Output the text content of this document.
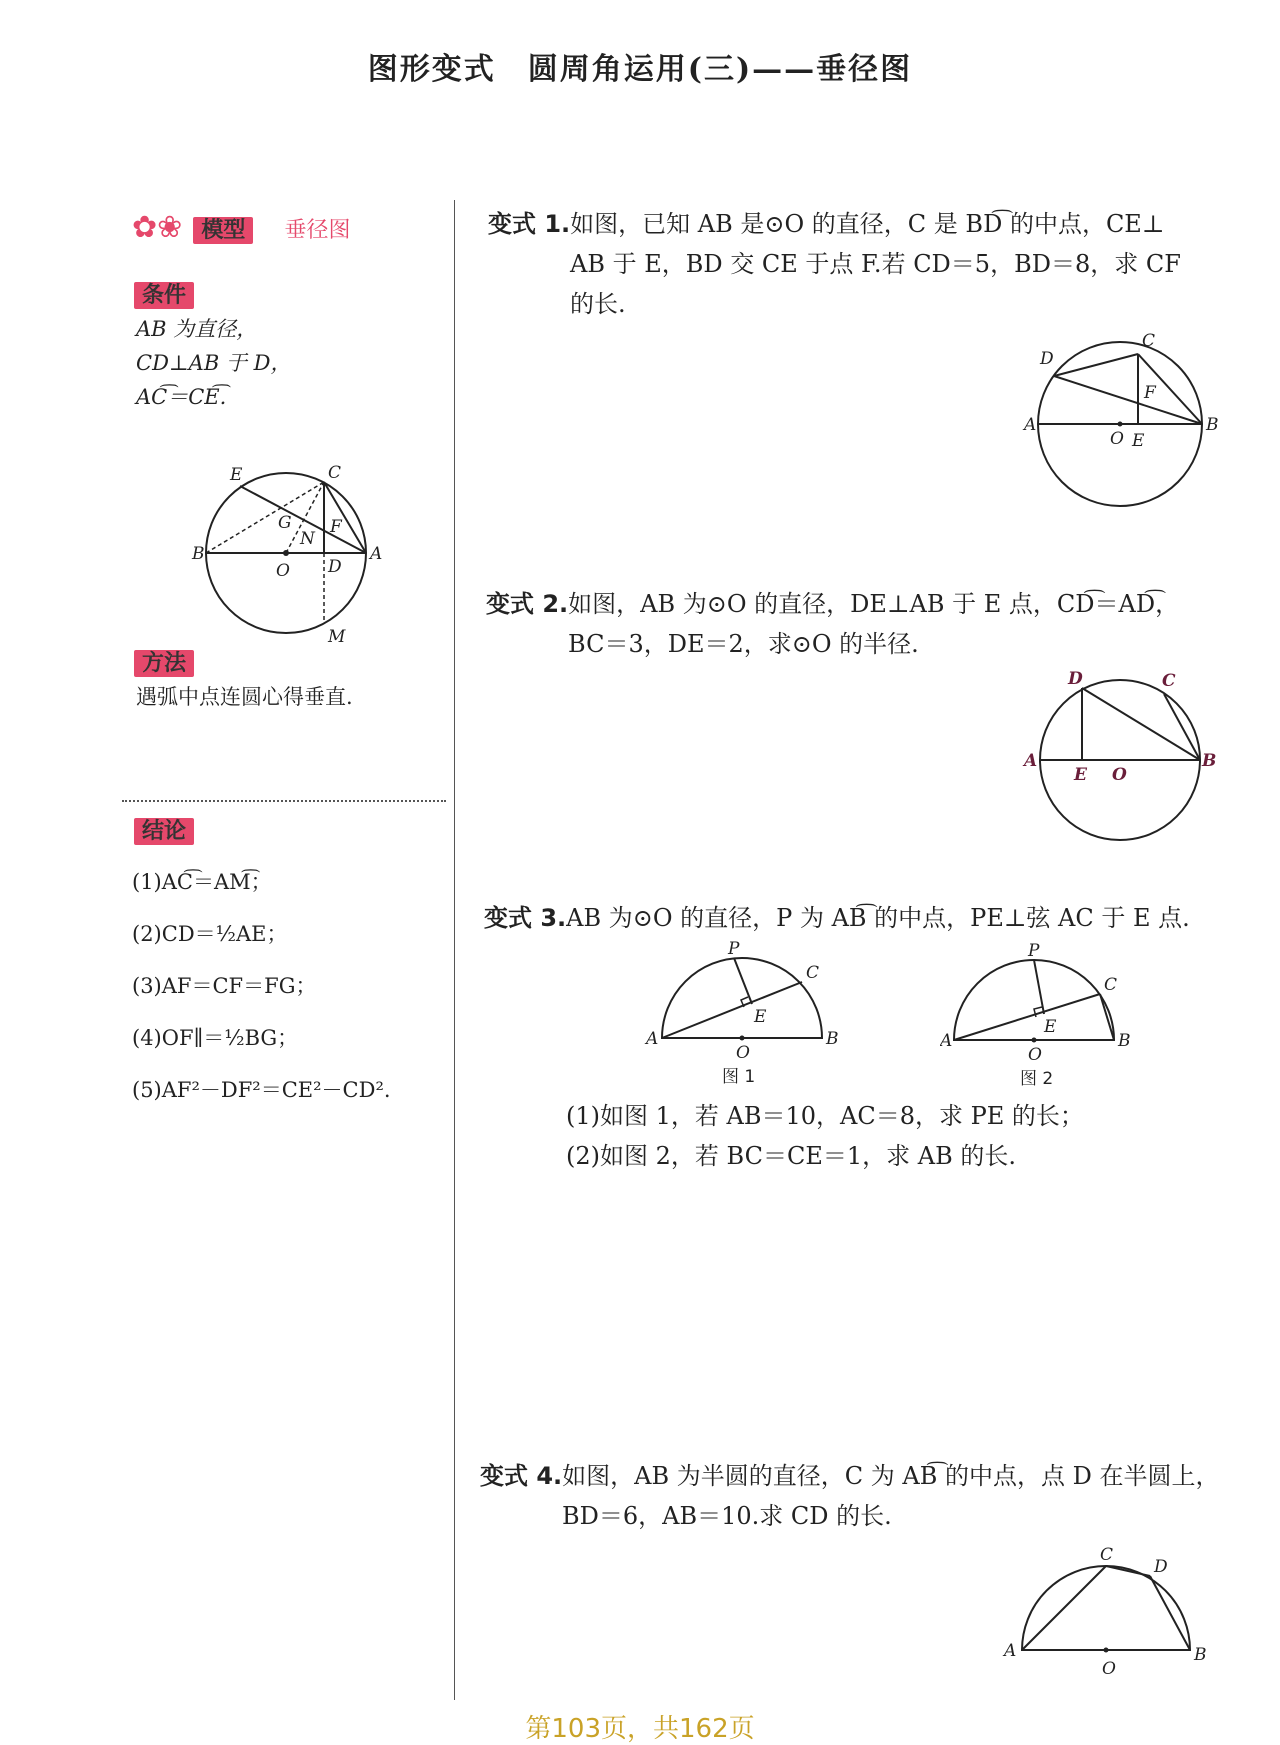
图形变式　圆周角运用(三)——垂径图
✿❀ 模型 垂径图
条件
AB 为直径，
CD⊥AB 于 D，
AC͡＝CE͡.
E	C
G
N
F
B
O D
A
M
方法
遇弧中点连圆心得垂直.
结论
(1)AC͡＝AM͡；
(2)CD＝½AE；
(3)AF＝CF＝FG；
(4)OF∥＝½BG；
(5)AF²－DF²＝CE²－CD².
变式 1.如图，已知 AB 是⊙O 的直径，C 是 BD͡ 的中点，CE⊥
AB 于 E，BD 交 CE 于点 F.若 CD＝5，BD＝8，求 CF
的长.
D
C
F
A
O E
B
变式 2.如图，AB 为⊙O 的直径，DE⊥AB 于 E 点，CD͡＝AD͡，
BC＝3，DE＝2，求⊙O 的半径.
D	C
A
E O
B
变式 3.AB 为⊙O 的直径，P 为 AB͡ 的中点，PE⊥弦 AC 于 E 点.
P
C
E
A
O
B
图 1
P
C
E
A
O
B
图 2
(1)如图 1，若 AB＝10，AC＝8，求 PE 的长；
(2)如图 2，若 BC＝CE＝1，求 AB 的长.
变式 4.如图，AB 为半圆的直径，C 为 AB͡ 的中点，点 D 在半圆上，
BD＝6，AB＝10.求 CD 的长.
C
D
A
O
B
第103页，共162页
